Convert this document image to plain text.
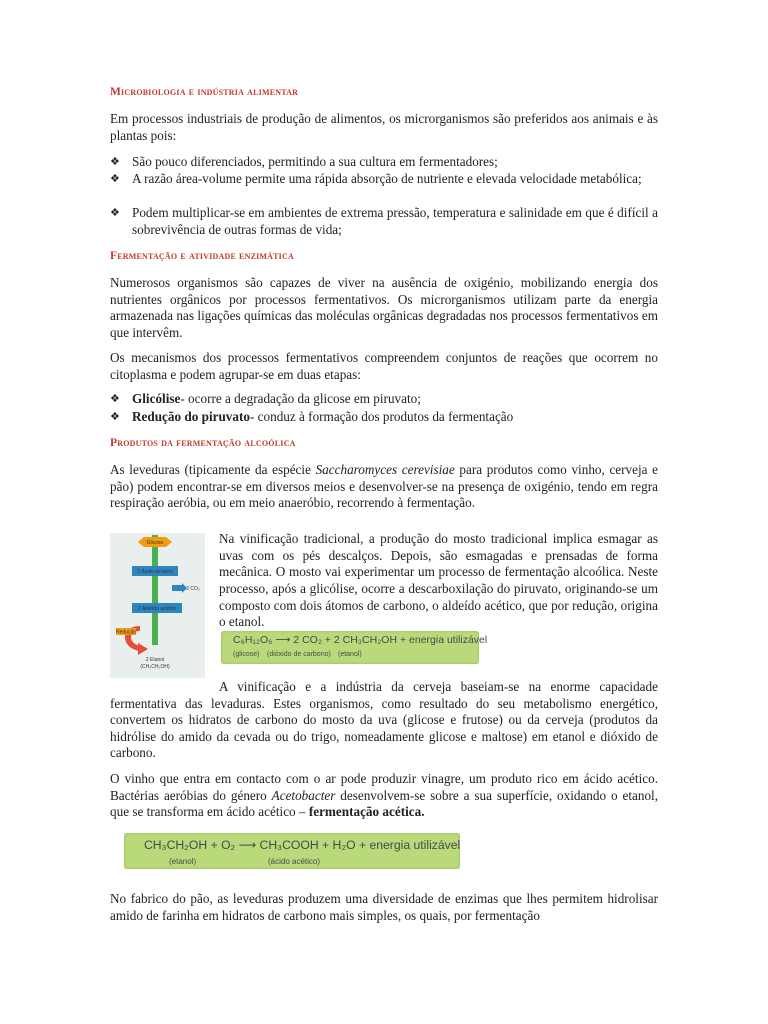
Microbiologia e indústria alimentar

Em processos industriais de produção de alimentos, os microrganismos são preferidos aos animais e às plantas pois:

❖ São pouco diferenciados, permitindo a sua cultura em fermentadores;
❖ A razão área-volume permite uma rápida absorção de nutriente e elevada velocidade metabólica;
❖ Podem multiplicar-se em ambientes de extrema pressão, temperatura e salinidade em que é difícil a sobrevivência de outras formas de vida;
Fermentação e atividade enzimática

Numerosos organismos são capazes de viver na ausência de oxigénio, mobilizando energia dos nutrientes orgânicos por processos fermentativos. Os microrganismos utilizam parte da energia armazenada nas ligações químicas das moléculas orgânicas degradadas nos processos fermentativos em que intervêm.

Os mecanismos dos processos fermentativos compreendem conjuntos de reações que ocorrem no citoplasma e podem agrupar-se em duas etapas:

❖ Glicólise- ocorre a degradação da glicose em piruvato;
❖ Redução do piruvato- conduz à formação dos produtos da fermentação
Produtos da fermentação alcoólica

As leveduras (tipicamente da espécie Saccharomyces cerevisiae para produtos como vinho, cerveja e pão) podem encontrar-se em diversos meios e desenvolver-se na presença de oxigénio, tendo em regra respiração aeróbia, ou em meio anaeróbio, recorrendo à fermentação.

Glicose
2 Ácido pirúvico
2 CO₂
2 Aldeído acético
Redução
2 Etanol
(CH₃CH₂OH)

Na vinificação tradicional, a produção do mosto tradicional implica esmagar as uvas com os pés descalços. Depois, são esmagadas e prensadas de forma mecânica. O mosto vai experimentar um processo de fermentação alcoólica. Neste processo, após a glicólise, ocorre a descarboxilação do piruvato, originando-se um composto com dois átomos de carbono, o aldeído acético, que por redução, origina o etanol.

C₆H₁₂O₆ ⟶ 2 CO₂ + 2 CH₃CH₂OH + energia utilizável
(glicose) (dióxido de carbono) (etanol)

A vinificação e a indústria da cerveja baseiam-se na enorme capacidade fermentativa das levaduras. Estes organismos, como resultado do seu metabolismo energético, convertem os hidratos de carbono do mosto da uva (glicose e frutose) ou da cerveja (produtos da hidrólise do amido da cevada ou do trigo, nomeadamente glicose e maltose) em etanol e dióxido de carbono.

O vinho que entra em contacto com o ar pode produzir vinagre, um produto rico em ácido acético. Bactérias aeróbias do género Acetobacter desenvolvem-se sobre a sua superfície, oxidando o etanol, que se transforma em ácido acético – fermentação acética.

CH₃CH₂OH + O₂ ⟶ CH₃COOH + H₂O + energia utilizável
(etanol)	(ácido acético)

No fabrico do pão, as leveduras produzem uma diversidade de enzimas que lhes permitem hidrolisar amido de farinha em hidratos de carbono mais simples, os quais, por fermentação
